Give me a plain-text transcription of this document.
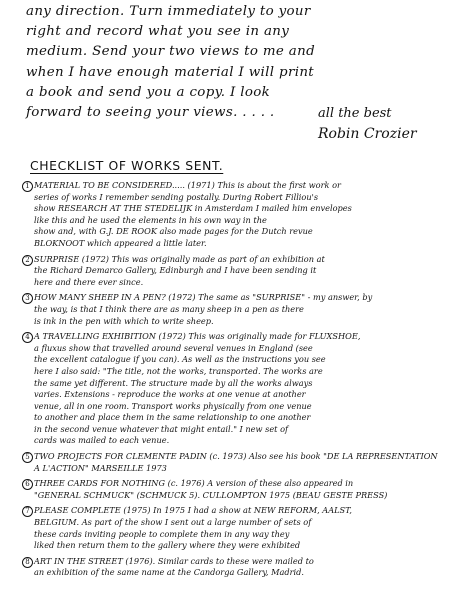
any direction. Turn immediately to your
right and record what you see in any
medium. Send your two views to me and
when I have enough material I will print
a book and send you a copy. I look
forward to seeing your views. . . . .	all the best
Robin Crozier
CHECKLIST OF WORKS SENT.
1 MATERIAL TO BE CONSIDERED..... (1971) This is about the first work or
series of works I remember sending postally. During Robert Filliou's
show RESEARCH AT THE STEDELIJK in Amsterdam I mailed him envelopes
like this and he used the elements in his own way in the
show and, with G.J. DE ROOK also made pages for the Dutch revue
BLOKNOOT which appeared a little later.
2 SURPRISE (1972) This was originally made as part of an exhibition at
the Richard Demarco Gallery, Edinburgh and I have been sending it
here and there ever since.
3 HOW MANY SHEEP IN A PEN? (1972) The same as "SURPRISE" - my answer, by
the way, is that I think there are as many sheep in a pen as there
is ink in the pen with which to write sheep.
4 A TRAVELLING EXHIBITION (1972) This was originally made for FLUXSHOE,
a fluxus show that travelled around several venues in England (see
the excellent catalogue if you can). As well as the instructions you see
here I also said: "The title, not the works, transported. The works are
the same yet different. The structure made by all the works always
varies. Extensions - reproduce the works at one venue at another
venue, all in one room. Transport works physically from one venue
to another and place them in the same relationship to one another
in the second venue whatever that might entail." I new set of
cards was mailed to each venue.
5 TWO PROJECTS FOR CLEMENTE PADIN (c. 1973) Also see his book "DE LA REPRESENTATION
A L'ACTION" MARSEILLE 1973
6 THREE CARDS FOR NOTHING (c. 1976) A version of these also appeared in
"GENERAL SCHMUCK" (SCHMUCK 5). CULLOMPTON 1975 (BEAU GESTE PRESS)
7 PLEASE COMPLETE (1975) In 1975 I had a show at NEW REFORM, AALST,
BELGIUM. As part of the show I sent out a large number of sets of
these cards inviting people to complete them in any way they
liked then return them to the gallery where they were exhibited
8 ART IN THE STREET (1976). Similar cards to these were mailed to
an exhibition of the same name at the Candorga Gallery, Madrid.
